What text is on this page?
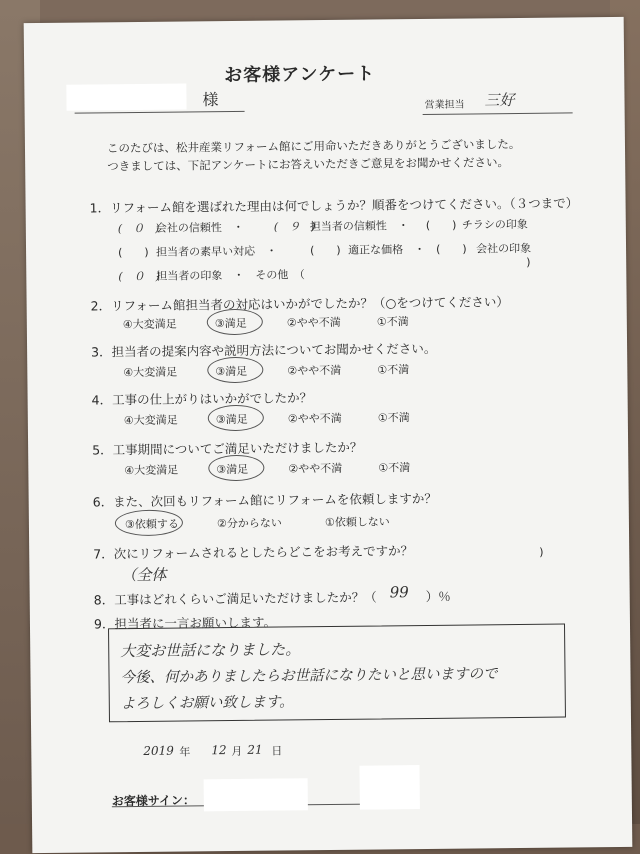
お客様アンケート
様	営業担当 三好
このたびは、松井産業リフォーム館にご用命いただきありがとうございました。
つきましては、下記アンケートにお答えいただきご意見をお聞かせください。
1．リフォーム館を選ばれた理由は何でしょうか？順番をつけてください。（３つまで）
(　０　)
会社の信頼性　・	(　９　)
担当者の信頼性　・ (　　) チラシの印象
(　　) 担当者の素早い対応　・	(　　) 適正な価格　・ (　　) 会社の印象
(　０　)
担当者の印象　・　その他　（
)
2．リフォーム館担当者の対応はいかがでしたか？（○をつけてください）
④大変満足	③満足	②やや不満	①不満
3．担当者の提案内容や説明方法についてお聞かせください。
④大変満足	③満足	②やや不満	①不満
4．工事の仕上がりはいかがでしたか？
④大変満足	③満足	②やや不満	①不満
5．工事期間についてご満足いただけましたか？
④大変満足	③満足	②やや不満	①不満
6．また、次回もリフォーム館にリフォームを依頼しますか？
③依頼する	②分からない	①依頼しない
7．次にリフォームされるとしたらどこをお考えですか？
（全体
)
8．工事はどれくらいご満足いただけましたか？（ 99 ）％
9．担当者に一言お願いします。
大変お世話になりました。
今後、何かありましたらお世話になりたいと思いますので
よろしくお願い致します。
2019 年 12 月 21 日
お客様サイン：
